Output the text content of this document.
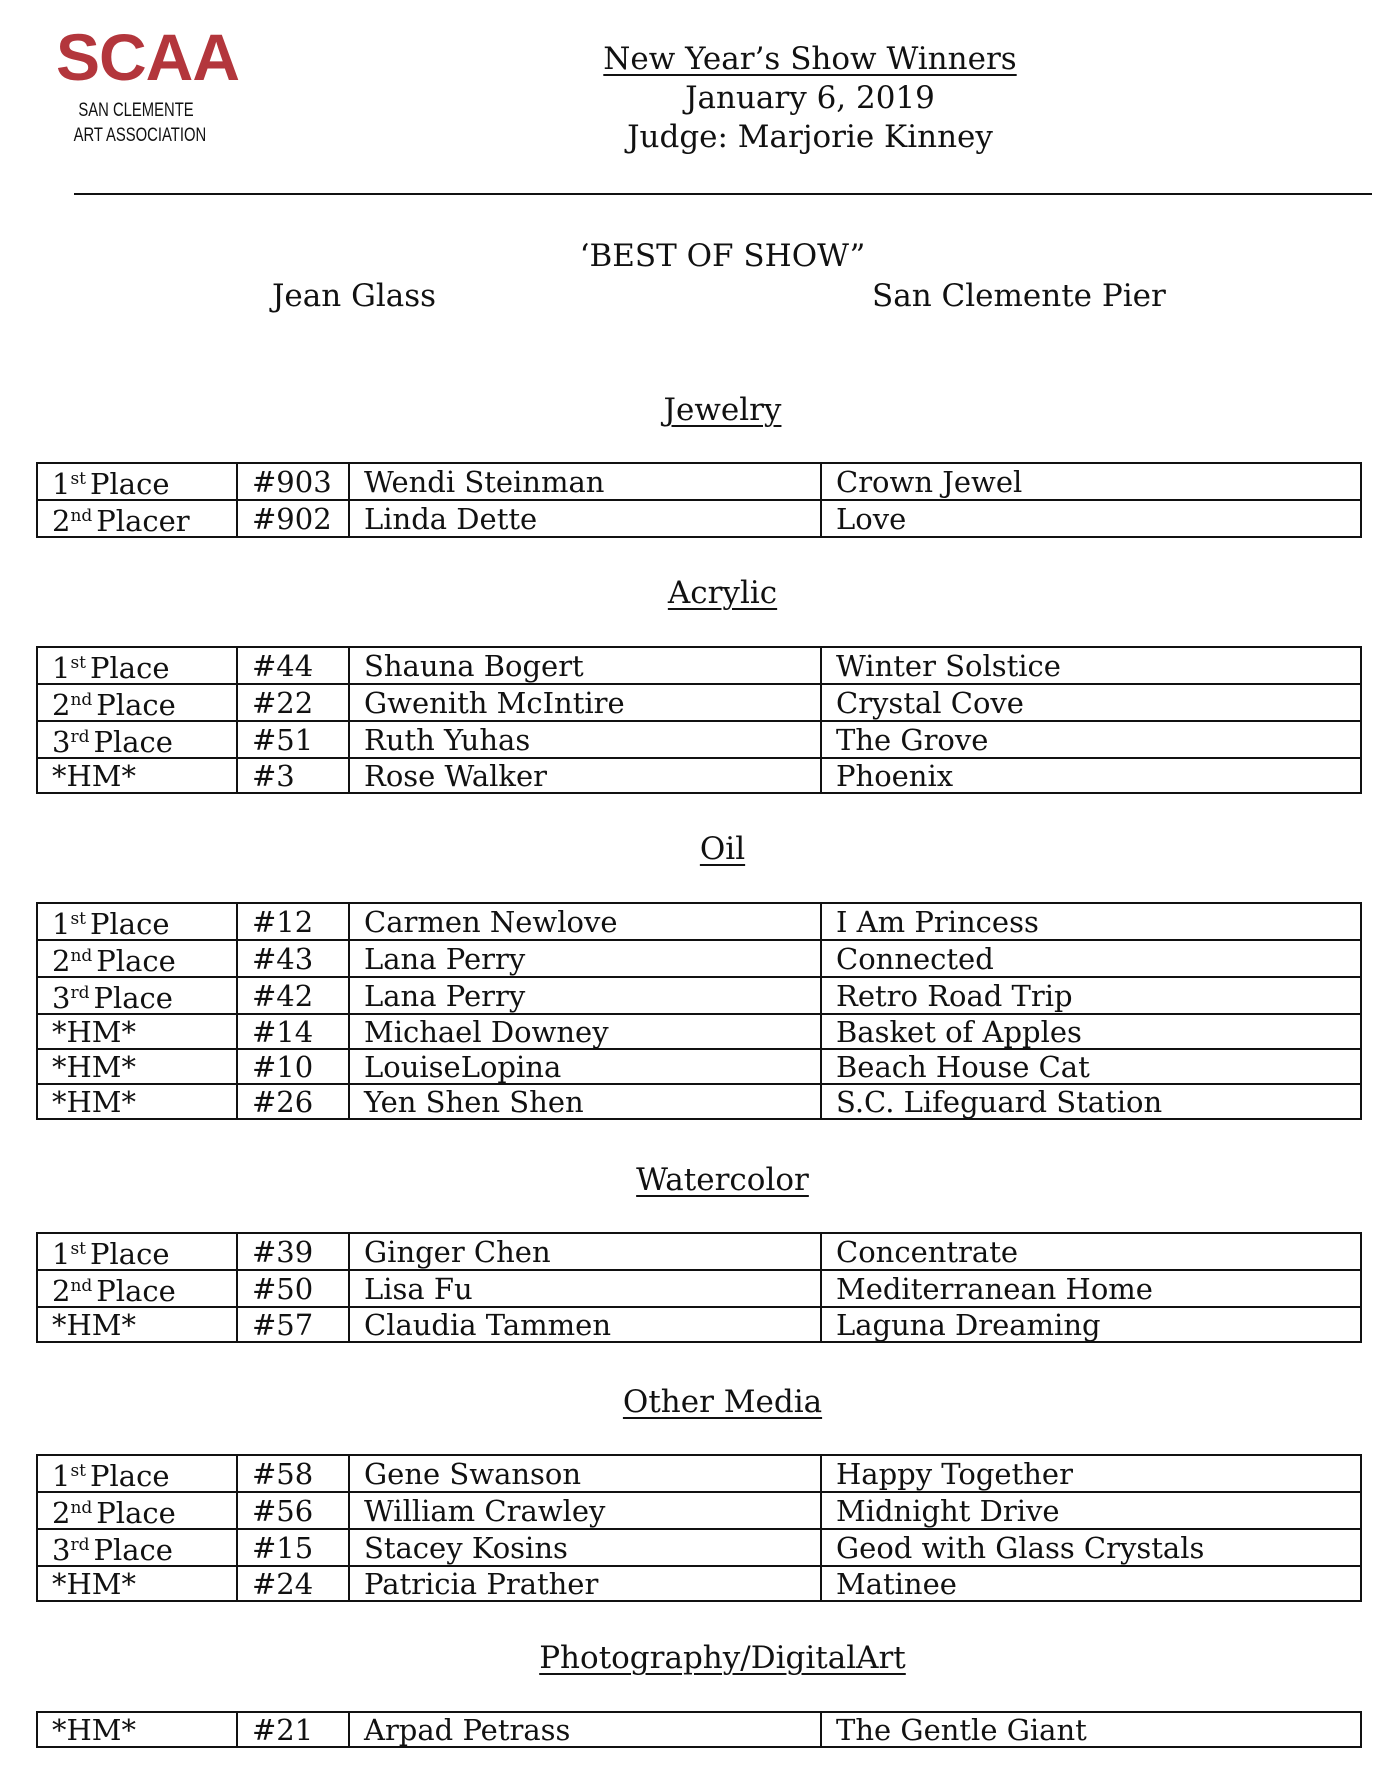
SCAA
SAN CLEMENTE
ART ASSOCIATION
New Year’s Show Winners
January 6, 2019
Judge: Marjorie Kinney
‘BEST OF SHOW”
Jean Glass	San Clemente Pier
Jewelry
1st Place	#903	Wendi Steinman	Crown Jewel
2nd Placer	#902	Linda Dette	Love
Acrylic
1st Place	#44	Shauna Bogert	Winter Solstice
2nd Place	#22	Gwenith McIntire	Crystal Cove
3rd Place	#51	Ruth Yuhas	The Grove
*HM*	#3	Rose Walker	Phoenix
Oil
1st Place	#12	Carmen Newlove	I Am Princess
2nd Place	#43	Lana Perry	Connected
3rd Place	#42	Lana Perry	Retro Road Trip
*HM*	#14	Michael Downey	Basket of Apples
*HM*	#10	LouiseLopina	Beach House Cat
*HM*	#26	Yen Shen Shen	S.C. Lifeguard Station
Watercolor
1st Place	#39	Ginger Chen	Concentrate
2nd Place	#50	Lisa Fu	Mediterranean Home
*HM*	#57	Claudia Tammen	Laguna Dreaming
Other Media
1st Place	#58	Gene Swanson	Happy Together
2nd Place	#56	William Crawley	Midnight Drive
3rd Place	#15	Stacey Kosins	Geod with Glass Crystals
*HM*	#24	Patricia Prather	Matinee
Photography/DigitalArt
*HM*	#21	Arpad Petrass	The Gentle Giant
